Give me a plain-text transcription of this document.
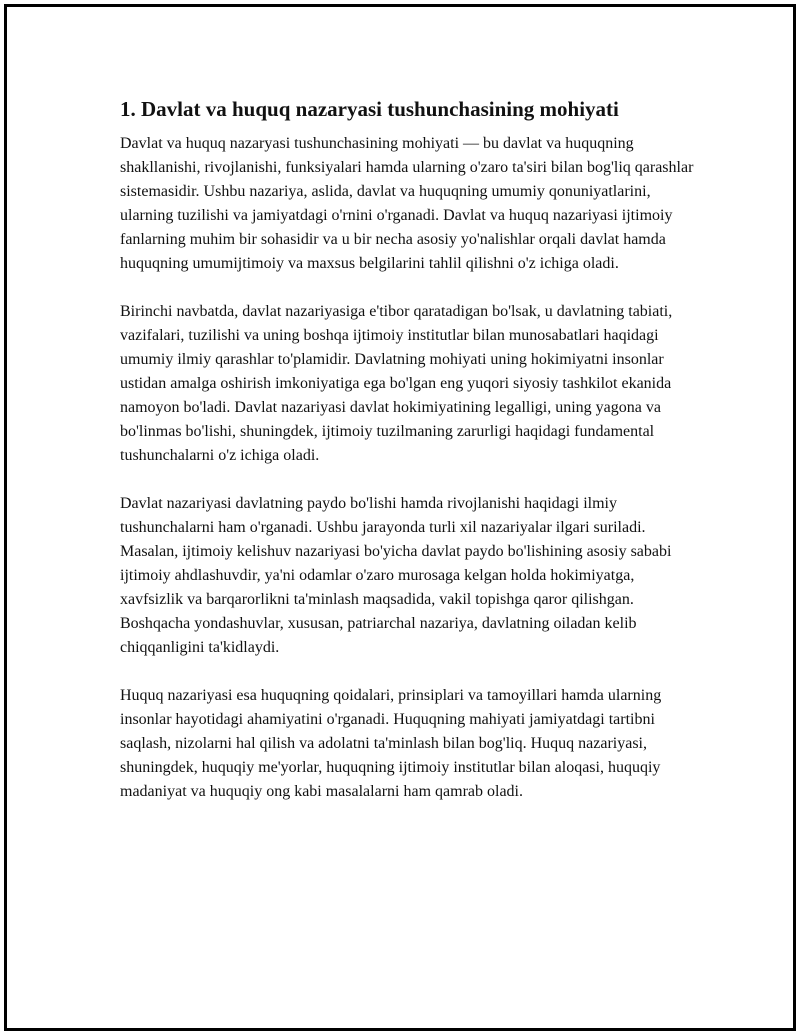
1. Davlat va huquq nazaryasi tushunchasining mohiyati

Davlat va huquq nazaryasi tushunchasining mohiyati — bu davlat va huquqning shakllanishi, rivojlanishi, funksiyalari hamda ularning o'zaro ta'siri bilan bog'liq qarashlar sistemasidir. Ushbu nazariya, aslida, davlat va huquqning umumiy qonuniyatlarini, ularning tuzilishi va jamiyatdagi o'rnini o'rganadi. Davlat va huquq nazariyasi ijtimoiy fanlarning muhim bir sohasidir va u bir necha asosiy yo'nalishlar orqali davlat hamda huquqning umumijtimoiy va maxsus belgilarini tahlil qilishni o'z ichiga oladi.

Birinchi navbatda, davlat nazariyasiga e'tibor qaratadigan bo'lsak, u davlatning tabiati, vazifalari, tuzilishi va uning boshqa ijtimoiy institutlar bilan munosabatlari haqidagi umumiy ilmiy qarashlar to'plamidir. Davlatning mohiyati uning hokimiyatni insonlar ustidan amalga oshirish imkoniyatiga ega bo'lgan eng yuqori siyosiy tashkilot ekanida namoyon bo'ladi. Davlat nazariyasi davlat hokimiyatining legalligi, uning yagona va bo'linmas bo'lishi, shuningdek, ijtimoiy tuzilmaning zarurligi haqidagi fundamental tushunchalarni o'z ichiga oladi.

Davlat nazariyasi davlatning paydo bo'lishi hamda rivojlanishi haqidagi ilmiy tushunchalarni ham o'rganadi. Ushbu jarayonda turli xil nazariyalar ilgari suriladi. Masalan, ijtimoiy kelishuv nazariyasi bo'yicha davlat paydo bo'lishining asosiy sababi ijtimoiy ahdlashuvdir, ya'ni odamlar o'zaro murosaga kelgan holda hokimiyatga, xavfsizlik va barqarorlikni ta'minlash maqsadida, vakil topishga qaror qilishgan. Boshqacha yondashuvlar, xususan, patriarchal nazariya, davlatning oiladan kelib chiqqanligini ta'kidlaydi.

Huquq nazariyasi esa huquqning qoidalari, prinsiplari va tamoyillari hamda ularning insonlar hayotidagi ahamiyatini o'rganadi. Huquqning mahiyati jamiyatdagi tartibni saqlash, nizolarni hal qilish va adolatni ta'minlash bilan bog'liq. Huquq nazariyasi, shuningdek, huquqiy me'yorlar, huquqning ijtimoiy institutlar bilan aloqasi, huquqiy madaniyat va huquqiy ong kabi masalalarni ham qamrab oladi.
